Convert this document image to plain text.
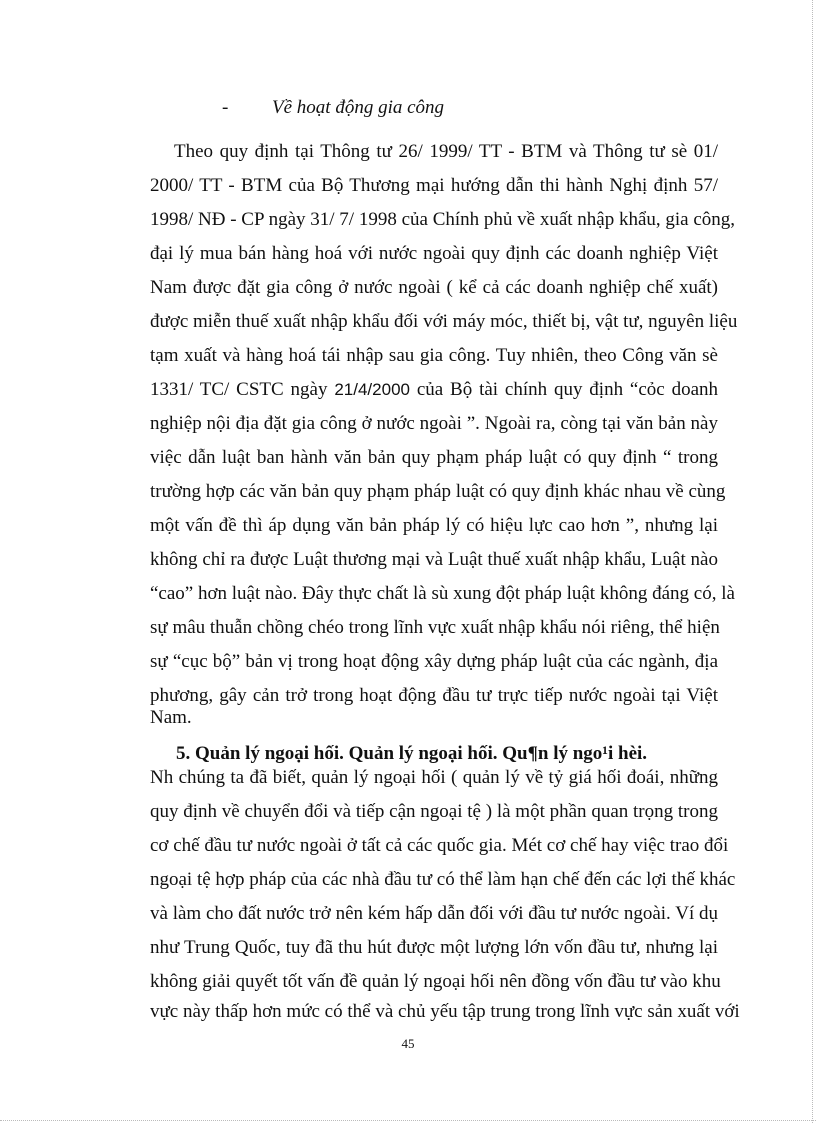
- Về hoạt động gia công
Theo quy định tại Thông tư 26/ 1999/ TT - BTM và Thông tư sè 01/
2000/ TT - BTM của Bộ Thương mại hướng dẫn thi hành Nghị định 57/
1998/ NĐ - CP ngày 31/ 7/ 1998 của Chính phủ về xuất nhập khẩu, gia công,
đại lý mua bán hàng hoá với nước ngoài quy định các doanh nghiệp Việt
Nam được đặt gia công ở nước ngoài ( kể cả các doanh nghiệp chế xuất)
được miễn thuế xuất nhập khẩu đối với máy móc, thiết bị, vật tư, nguyên liệu
tạm xuất và hàng hoá tái nhập sau gia công. Tuy nhiên, theo Công văn sè
1331/ TC/ CSTC ngày 21/4/2000 của Bộ tài chính quy định “cỏc doanh
nghiệp nội địa đặt gia công ở nước ngoài ”. Ngoài ra, còng tại văn bản này
việc dẫn luật ban hành văn bản quy phạm pháp luật có quy định “ trong
trường hợp các văn bản quy phạm pháp luật có quy định khác nhau về cùng
một vấn đề thì áp dụng văn bản pháp lý có hiệu lực cao hơn ”, nhưng lại
không chỉ ra được Luật thương mại và Luật thuế xuất nhập khẩu, Luật nào
“cao” hơn luật nào. Đây thực chất là sù xung đột pháp luật không đáng có, là
sự mâu thuẫn chồng chéo trong lĩnh vực xuất nhập khẩu nói riêng, thể hiện
sự “cục bộ” bản vị trong hoạt động xây dựng pháp luật của các ngành, địa
phương, gây cản trở trong hoạt động đầu tư trực tiếp nước ngoài tại Việt
Nam.
5. Quản lý ngoại hối. Quản lý ngoại hối. Qu¶n lý ngo¹i hèi.
Nh chúng ta đã biết, quản lý ngoại hối ( quản lý về tỷ giá hối đoái, những
quy định về chuyển đổi và tiếp cận ngoại tệ ) là một phần quan trọng trong
cơ chế đầu tư nước ngoài ở tất cả các quốc gia. Mét cơ chế hay việc trao đổi
ngoại tệ hợp pháp của các nhà đầu tư có thể làm hạn chế đến các lợi thế khác
và làm cho đất nước trở nên kém hấp dẫn đối với đầu tư nước ngoài. Ví dụ
như Trung Quốc, tuy đã thu hút được một lượng lớn vốn đầu tư, nhưng lại
không giải quyết tốt vấn đề quản lý ngoại hối nên đồng vốn đầu tư vào khu
vực này thấp hơn mức có thể và chủ yếu tập trung trong lĩnh vực sản xuất với
45
